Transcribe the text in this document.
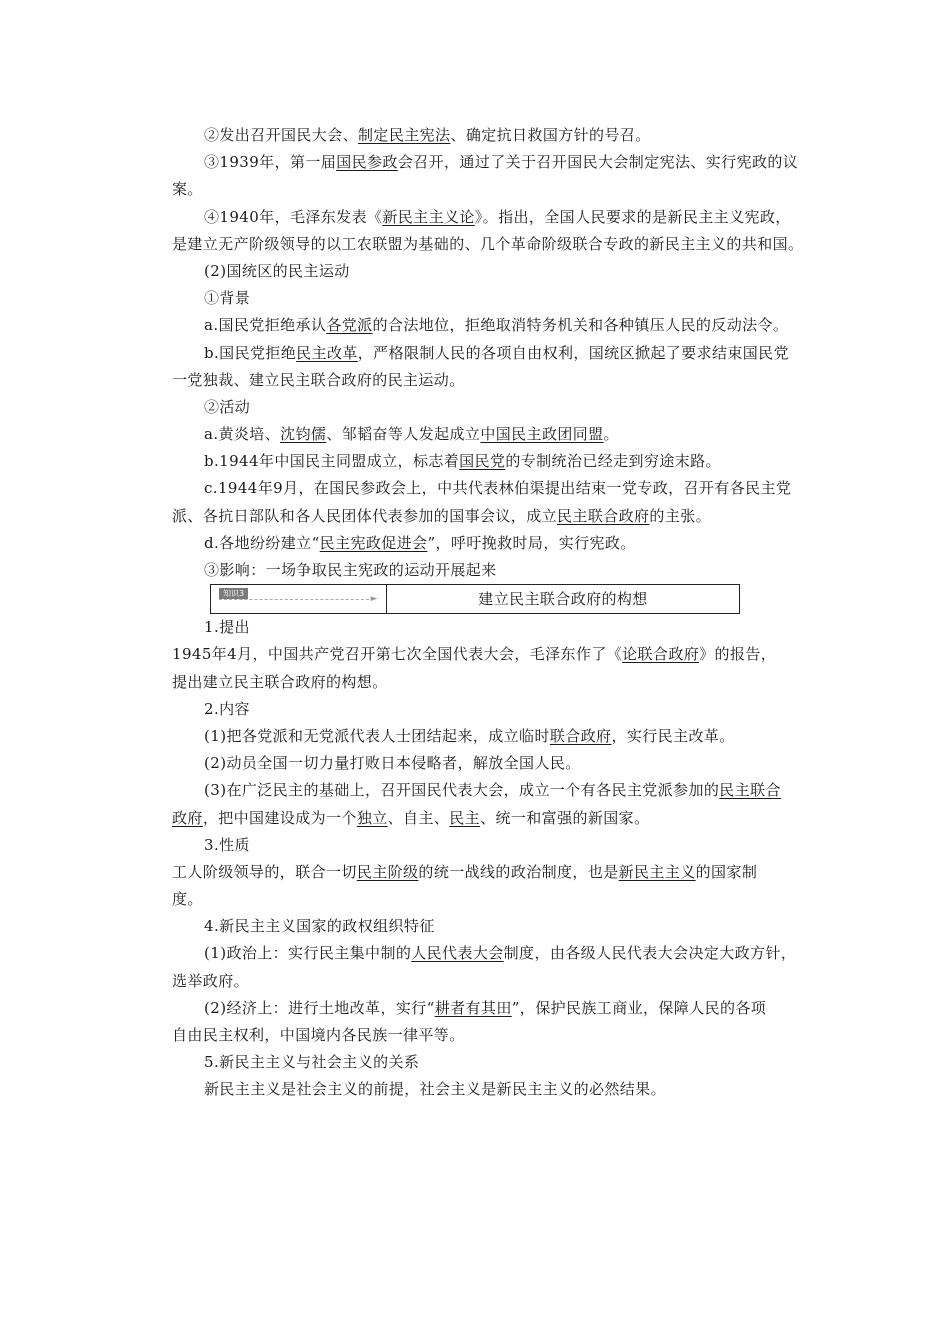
②发出召开国民大会、制定民主宪法、确定抗日救国方针的号召。
③1939年，第一届国民参政会召开，通过了关于召开国民大会制定宪法、实行宪政的议
案。
④1940年，毛泽东发表《新民主主义论》。指出，全国人民要求的是新民主主义宪政，
是建立无产阶级领导的以工农联盟为基础的、几个革命阶级联合专政的新民主主义的共和国。
(2)国统区的民主运动
①背景
a.国民党拒绝承认各党派的合法地位，拒绝取消特务机关和各种镇压人民的反动法令。
b.国民党拒绝民主改革，严格限制人民的各项自由权利，国统区掀起了要求结束国民党
一党独裁、建立民主联合政府的民主运动。
②活动
a.黄炎培、沈钧儒、邹韬奋等人发起成立中国民主政团同盟。
b.1944年中国民主同盟成立，标志着国民党的专制统治已经走到穷途末路。
c.1944年9月，在国民参政会上，中共代表林伯渠提出结束一党专政，召开有各民主党
派、各抗日部队和各人民团体代表参加的国事会议，成立民主联合政府的主张。
d.各地纷纷建立“民主宪政促进会”，呼吁挽救时局，实行宪政。
③影响：一场争取民主宪政的运动开展起来
知识3
►	建立民主联合政府的构想
1.提出
1945年4月，中国共产党召开第七次全国代表大会，毛泽东作了《论联合政府》的报告，
提出建立民主联合政府的构想。
2.内容
(1)把各党派和无党派代表人士团结起来，成立临时联合政府，实行民主改革。
(2)动员全国一切力量打败日本侵略者，解放全国人民。
(3)在广泛民主的基础上，召开国民代表大会，成立一个有各民主党派参加的民主联合
政府，把中国建设成为一个独立、自主、民主、统一和富强的新国家。
3.性质
工人阶级领导的，联合一切民主阶级的统一战线的政治制度，也是新民主主义的国家制
度。
4.新民主主义国家的政权组织特征
(1)政治上：实行民主集中制的人民代表大会制度，由各级人民代表大会决定大政方针，
选举政府。
(2)经济上：进行土地改革，实行“耕者有其田”，保护民族工商业，保障人民的各项
自由民主权利，中国境内各民族一律平等。
5.新民主主义与社会主义的关系
新民主主义是社会主义的前提，社会主义是新民主主义的必然结果。
